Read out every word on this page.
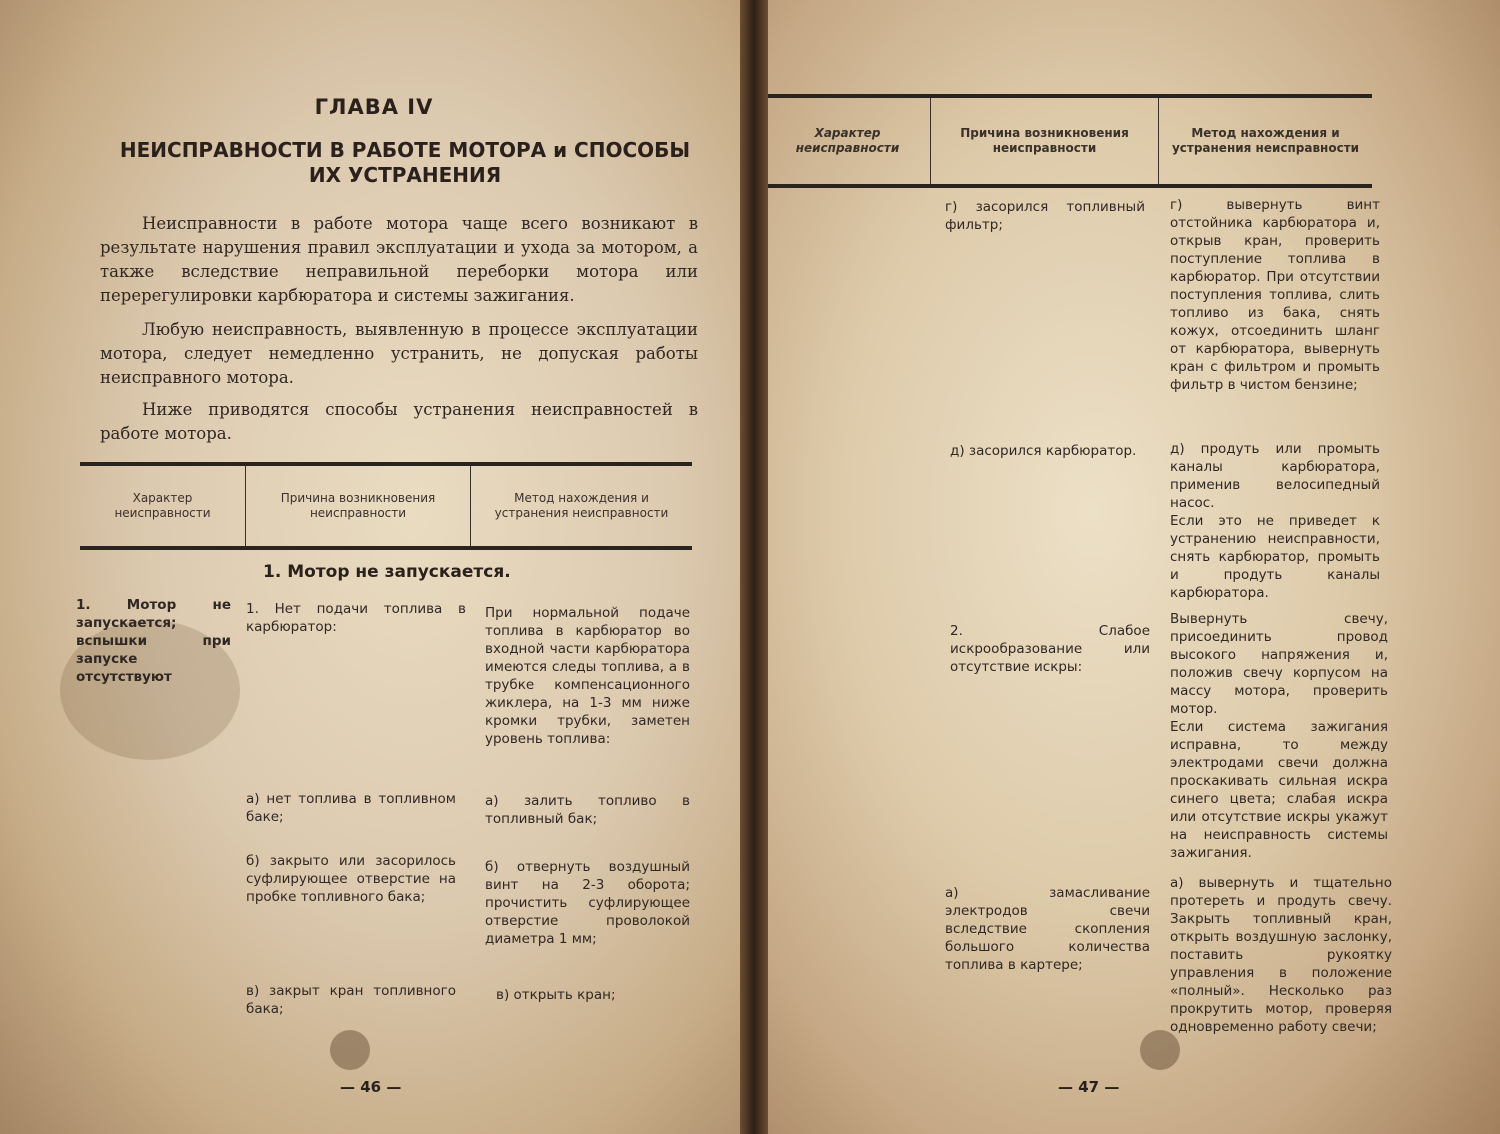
ГЛАВА IV
НЕИСПРАВНОСТИ В РАБОТЕ МОТОРА и СПОСОБЫ ИХ УСТРАНЕНИЯ
Неисправности в работе мотора чаще всего возникают в результате нарушения правил эксплуатации и ухода за мотором, а также вследствие неправильной переборки мотора или перерегулировки карбюратора и системы зажигания.
Любую неисправность, выявленную в процессе эксплуатации мотора, следует немедленно устранить, не допуская работы неисправного мотора.
Ниже приводятся способы устранения неисправностей в работе мотора.
Характер неисправности
Причина возникновения неисправности
Метод нахождения и устранения неисправности
1. Мотор не запускается.
1. Мотор не запускается; вспышки при запуске отсутствуют
1. Нет подачи топлива в карбюратор:
При нормальной подаче топлива в карбюратор во входной части карбюратора имеются следы топлива, а в трубке компенсационного жиклера, на 1-3 мм ниже кромки трубки, заметен уровень топлива:
а) нет топлива в топливном баке;
а) залить топливо в топливный бак;
б) закрыто или засорилось суфлирующее отверстие на пробке топливного бака;
б) отвернуть воздушный винт на 2-3 оборота; прочистить суфлирующее отверстие проволокой диаметра 1 мм;
в) закрыт кран топливного бака;
в) открыть кран;
— 46 —
Характер неисправности
Причина возникновения неисправности
Метод нахождения и устранения неисправности
г) засорился топливный фильтр;
г) вывернуть винт отстойника карбюратора и, открыв кран, проверить поступление топлива в карбюратор. При отсутствии поступления топлива, слить топливо из бака, снять кожух, отсоединить шланг от карбюратора, вывернуть кран с фильтром и промыть фильтр в чистом бензине;
д) засорился карбюратор.	д) продуть или промыть каналы карбюратора, применив велосипедный насос.
Если это не приведет к устранению неисправности, снять карбюратор, промыть и продуть каналы карбюратора.
2. Слабое искрообразование или отсутствие искры:
Вывернуть свечу, присоединить провод высокого напряжения и, положив свечу корпусом на массу мотора, проверить мотор.
Если система зажигания исправна, то между электродами свечи должна проскакивать сильная искра синего цвета; слабая искра или отсутствие искры укажут на неисправность системы зажигания.
а) замасливание электродов свечи вследствие скопления большого количества топлива в картере;
а) вывернуть и тщательно протереть и продуть свечу. Закрыть топливный кран, открыть воздушную заслонку, поставить рукоятку управления в положение «полный». Несколько раз прокрутить мотор, проверяя одновременно работу свечи;
— 47 —
